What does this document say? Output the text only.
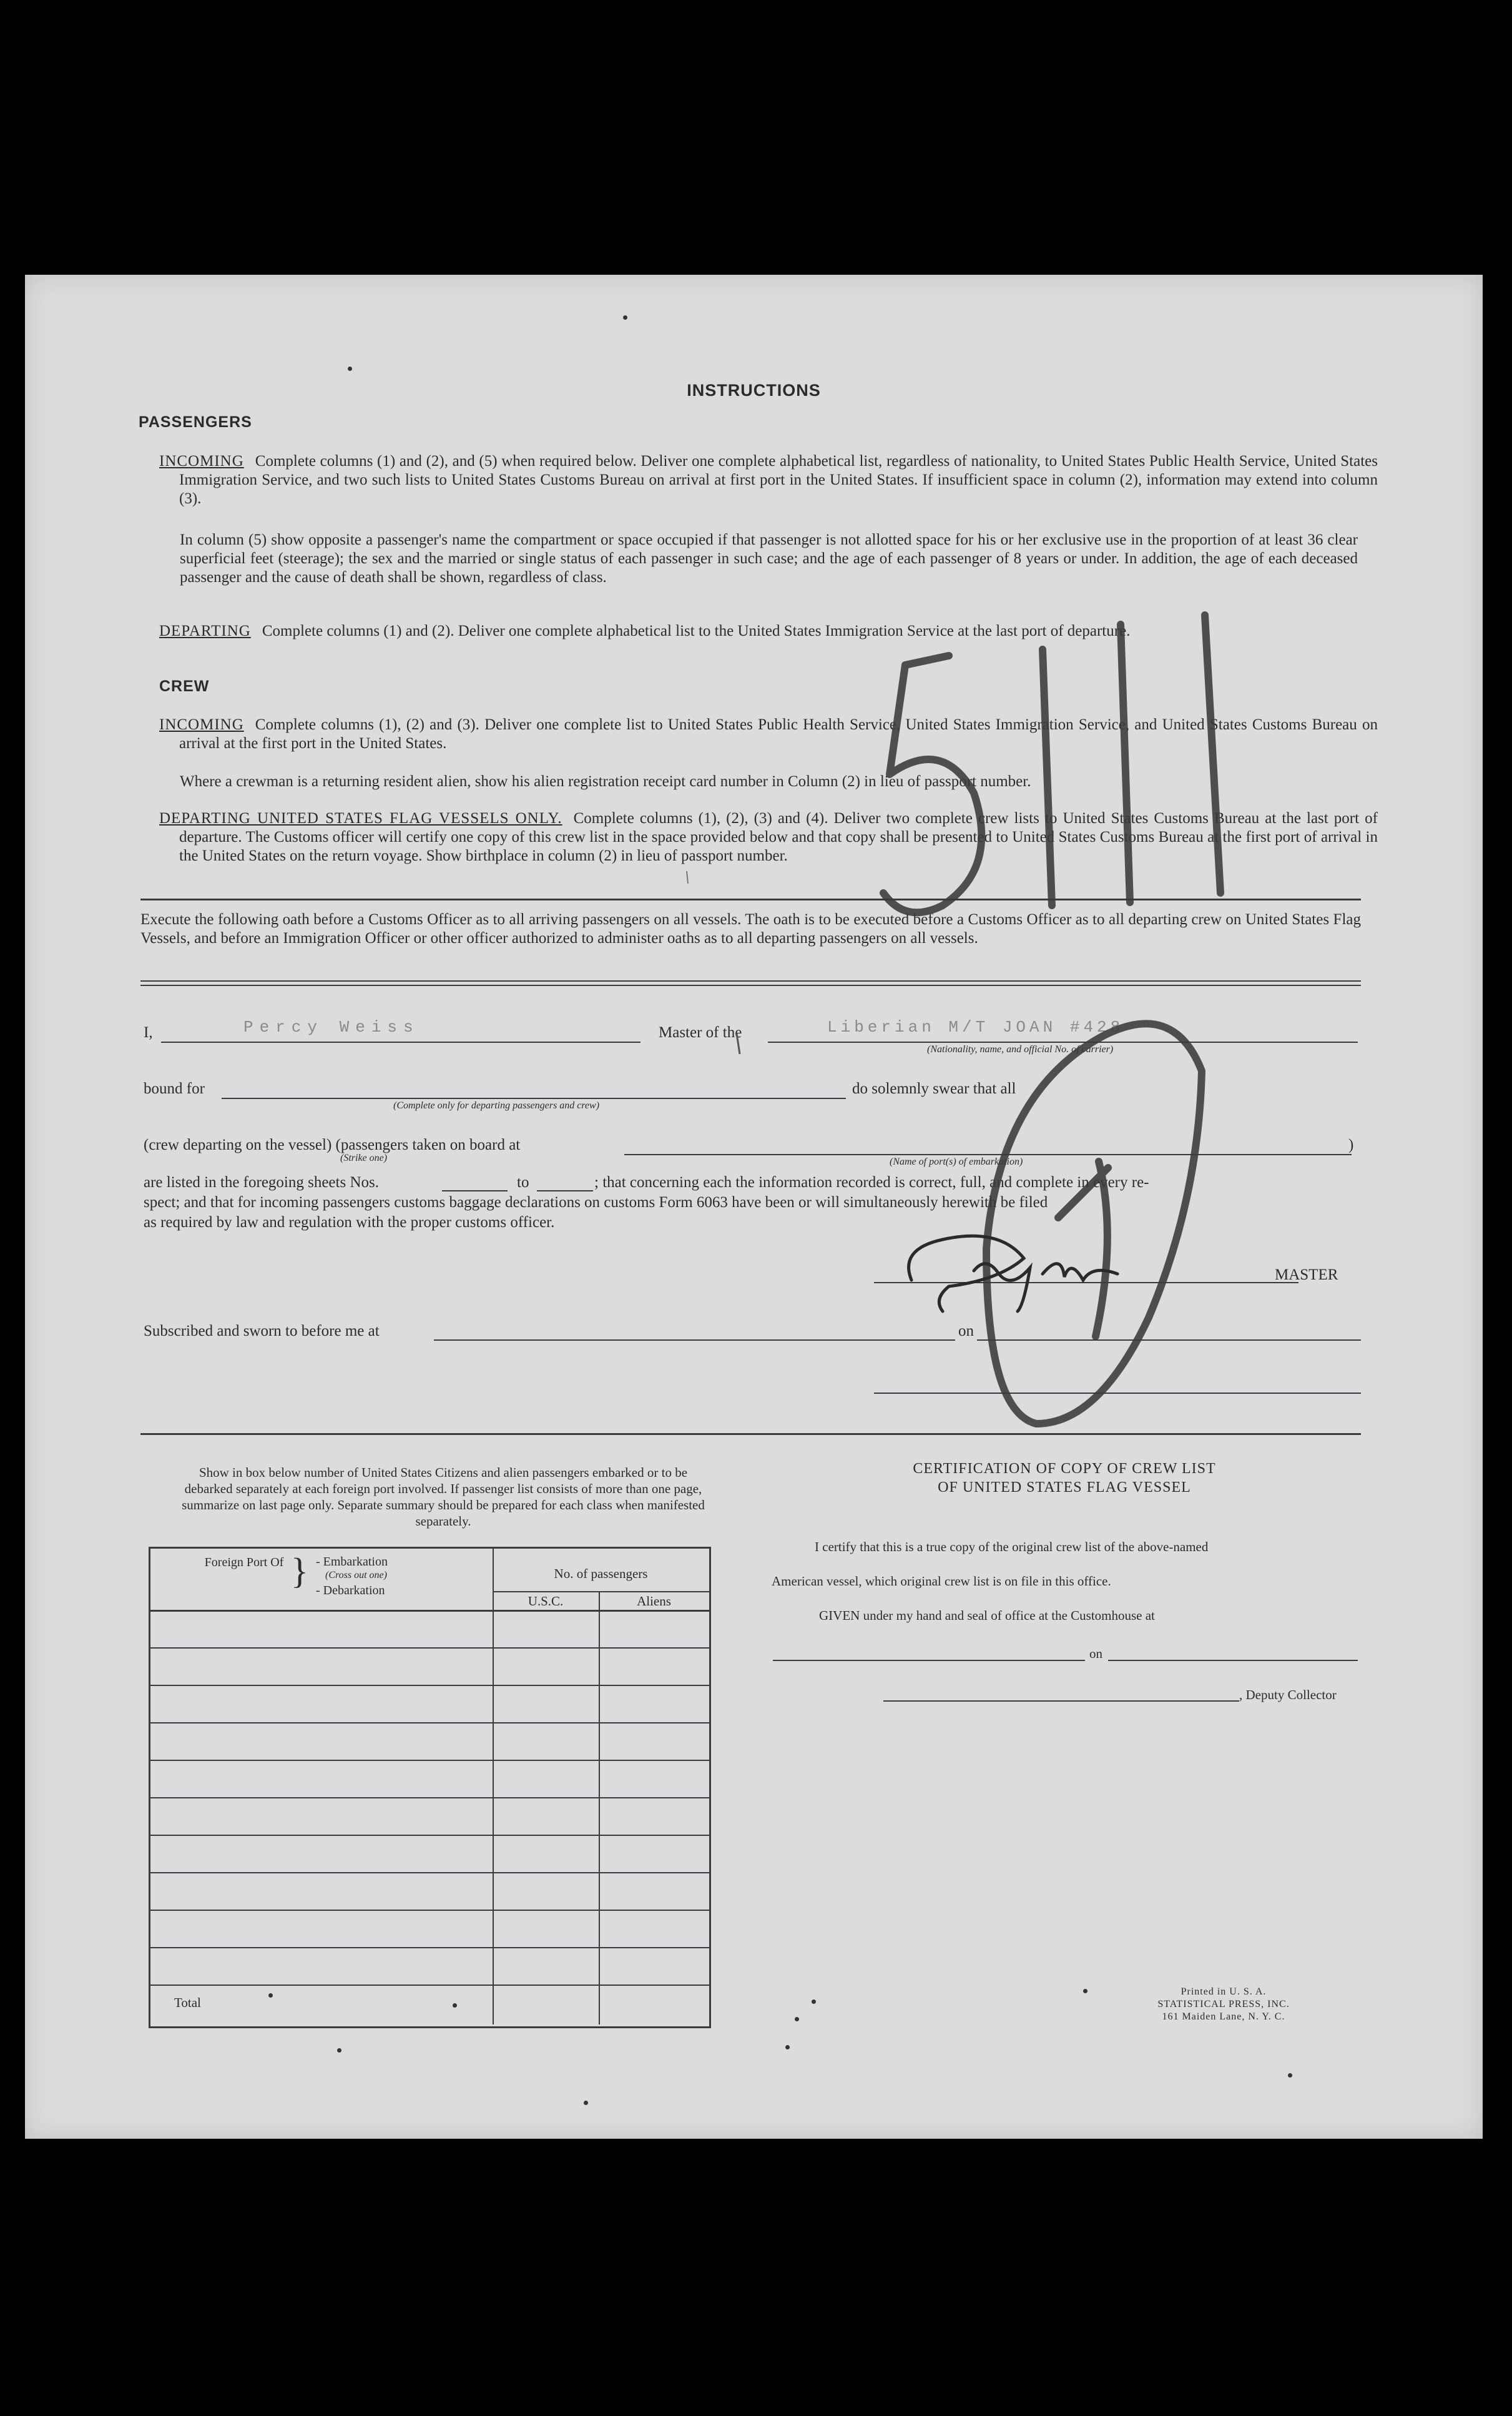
INSTRUCTIONS
PASSENGERS
INCOMING Complete columns (1) and (2), and (5) when required below. Deliver one complete alphabetical list, regardless of nationality, to United States Public Health Service, United States Immigration Service, and two such lists to United States Customs Bureau on arrival at first port in the United States. If insufficient space in column (2), information may extend into column (3).
In column (5) show opposite a passenger's name the compartment or space occupied if that passenger is not allotted space for his or her exclusive use in the proportion of at least 36 clear superficial feet (steerage); the sex and the married or single status of each passenger in such case; and the age of each passenger of 8 years or under. In addition, the age of each deceased passenger and the cause of death shall be shown, regardless of class.
DEPARTING Complete columns (1) and (2). Deliver one complete alphabetical list to the United States Immigration Service at the last port of departure.
CREW
INCOMING Complete columns (1), (2) and (3). Deliver one complete list to United States Public Health Service, United States Immigration Service, and United States Customs Bureau on arrival at the first port in the United States.
Where a crewman is a returning resident alien, show his alien registration receipt card number in Column (2) in lieu of passport number.
DEPARTING UNITED STATES FLAG VESSELS ONLY. Complete columns (1), (2), (3) and (4). Deliver two complete crew lists to United States Customs Bureau at the last port of departure. The Customs officer will certify one copy of this crew list in the space provided below and that copy shall be presented to United States Customs Bureau at the first port of arrival in the United States on the return voyage. Show birthplace in column (2) in lieu of passport number.
Execute the following oath before a Customs Officer as to all arriving passengers on all vessels. The oath is to be executed before a Customs Officer as to all departing crew on United States Flag Vessels, and before an Immigration Officer or other officer authorized to administer oaths as to all departing passengers on all vessels.
I,	Percy Weiss	Master of the	Liberian M/T JOAN #428
(Nationality, name, and official No. of carrier)
bound for
(Complete only for departing passengers and crew)
do solemnly swear that all
(crew departing on the vessel) (passengers taken on board at
(Strike one)
)
(Name of port(s) of embarkation)
are listed in the foregoing sheets Nos.	to	; that concerning each the information recorded is correct, full, and complete in every re-
spect; and that for incoming passengers customs baggage declarations on customs Form 6063 have been or will simultaneously herewith be filed
as required by law and regulation with the proper customs officer.
MASTER
Subscribed and sworn to before me at	on
Show in box below number of United States Citizens and alien passengers embarked or to be debarked separately at each foreign port involved. If passenger list consists of more than one page, summarize on last page only. Separate summary should be prepared for each class when manifested separately.
Foreign Port Of } - Embarkation
(Cross out one)
- Debarkation
No. of passengers
U.S.C.	Aliens
Total
CERTIFICATION OF COPY OF CREW LIST
OF UNITED STATES FLAG VESSEL
I certify that this is a true copy of the original crew list of the above-named
American vessel, which original crew list is on file in this office.
GIVEN under my hand and seal of office at the Customhouse at
on
, Deputy Collector
Printed in U. S. A.
STATISTICAL PRESS, INC.
161 Maiden Lane, N. Y. C.
